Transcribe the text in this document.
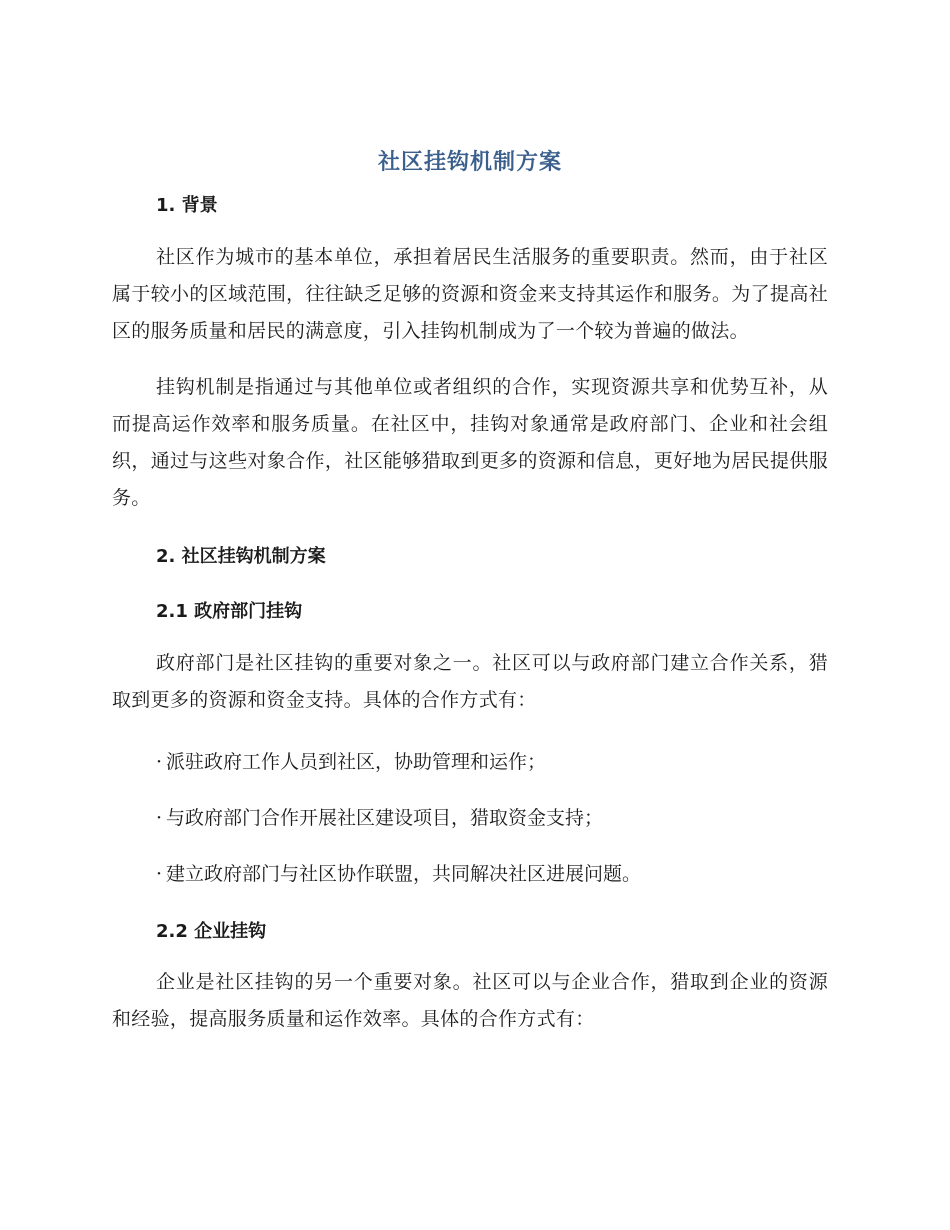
社区挂钩机制方案
1. 背景

社区作为城市的基本单位，承担着居民生活服务的重要职责。然而，由于社区属于较小的区域范围，往往缺乏足够的资源和资金来支持其运作和服务。为了提高社区的服务质量和居民的满意度，引入挂钩机制成为了一个较为普遍的做法。

挂钩机制是指通过与其他单位或者组织的合作，实现资源共享和优势互补，从而提高运作效率和服务质量。在社区中，挂钩对象通常是政府部门、企业和社会组织，通过与这些对象合作，社区能够猎取到更多的资源和信息，更好地为居民提供服务。

2. 社区挂钩机制方案
2.1 政府部门挂钩

政府部门是社区挂钩的重要对象之一。社区可以与政府部门建立合作关系，猎取到更多的资源和资金支持。具体的合作方式有：

· 派驻政府工作人员到社区，协助管理和运作；

· 与政府部门合作开展社区建设项目，猎取资金支持；

· 建立政府部门与社区协作联盟，共同解决社区进展问题。

2.2 企业挂钩

企业是社区挂钩的另一个重要对象。社区可以与企业合作，猎取到企业的资源和经验，提高服务质量和运作效率。具体的合作方式有：
